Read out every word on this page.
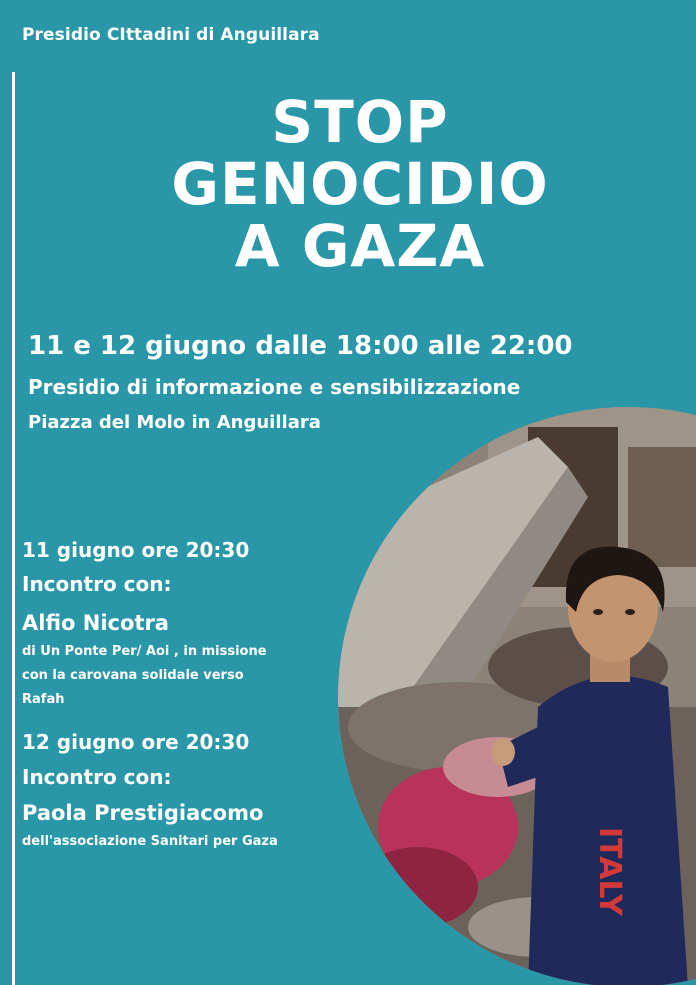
Presidio CIttadini di Anguillara
STOP
GENOCIDIO
A GAZA
11 e 12 giugno dalle 18:00 alle 22:00
Presidio di informazione e sensibilizzazione
Piazza del Molo in Anguillara
ITALY
11 giugno ore 20:30
Incontro con:
Alfio Nicotra
di Un Ponte Per/ Aoi , in missione
con la carovana solidale verso
Rafah
12 giugno ore 20:30
Incontro con:
Paola Prestigiacomo
dell'associazione Sanitari per Gaza
